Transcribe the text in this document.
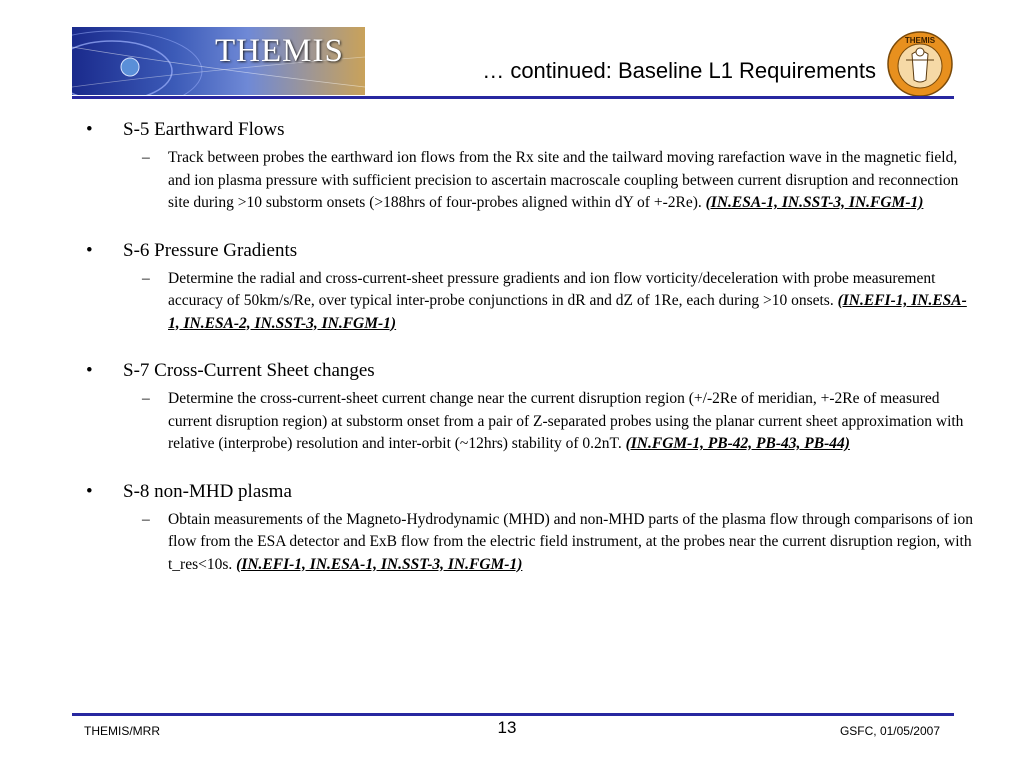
THEMIS
… continued: Baseline L1 Requirements
THEMIS
• S-5 Earthward Flows
– Track between probes the earthward ion flows from the Rx site and the tailward moving rarefaction wave in the magnetic field, and ion plasma pressure with sufficient precision to ascertain macroscale coupling between current disruption and reconnection site during >10 substorm onsets (>188hrs of four-probes aligned within dY of +-2Re). (IN.ESA-1, IN.SST-3, IN.FGM-1)
• S-6 Pressure Gradients
– Determine the radial and cross-current-sheet pressure gradients and ion flow vorticity/deceleration with probe measurement accuracy of 50km/s/Re, over typical inter-probe conjunctions in dR and dZ of 1Re, each during >10 onsets. (IN.EFI-1, IN.ESA-1, IN.ESA-2, IN.SST-3, IN.FGM-1)
• S-7 Cross-Current Sheet changes
– Determine the cross-current-sheet current change near the current disruption region (+/-2Re of meridian, +-2Re of measured current disruption region) at substorm onset from a pair of Z-separated probes using the planar current sheet approximation with relative (interprobe) resolution and inter-orbit (~12hrs) stability of 0.2nT. (IN.FGM-1, PB-42, PB-43, PB-44)
• S-8 non-MHD plasma
– Obtain measurements of the Magneto-Hydrodynamic (MHD) and non-MHD parts of the plasma flow through comparisons of ion flow from the ESA detector and ExB flow from the electric field instrument, at the probes near the current disruption region, with t_res<10s. (IN.EFI-1, IN.ESA-1, IN.SST-3, IN.FGM-1)
THEMIS/MRR	13	GSFC, 01/05/2007
